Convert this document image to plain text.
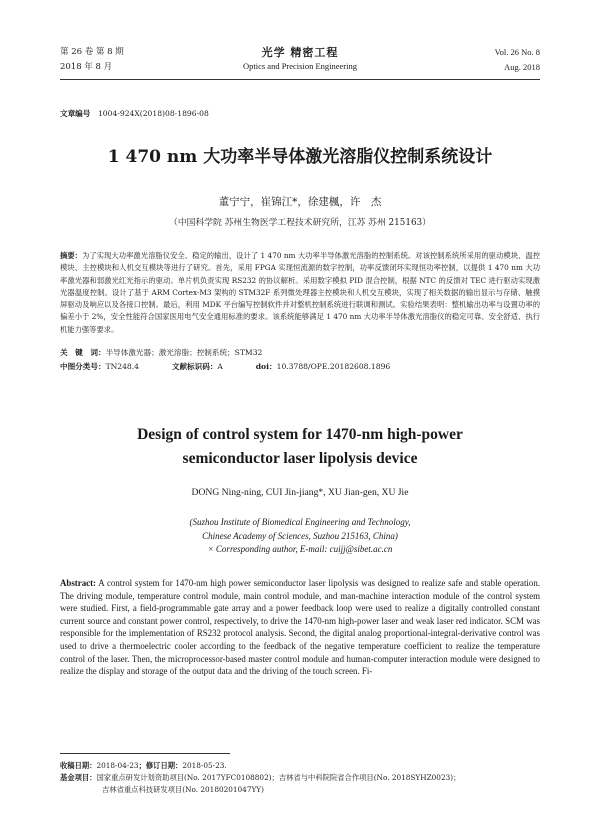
第 26 卷 第 8 期
2018 年 8 月
光学 精密工程
Optics and Precision Engineering
Vol. 26 No. 8
Aug. 2018
文章编号　 1004-924X(2018)08-1896-08
1 470 nm 大功率半导体激光溶脂仪控制系统设计
董宁宁，崔锦江*，徐建楓，许　杰
（中国科学院 苏州生物医学工程技术研究所，江苏 苏州 215163）
摘要：为了实现大功率激光溶脂仪安全、稳定的输出，设计了 1 470 nm 大功率半导体激光溶脂的控制系统。对该控制系统所采用的驱动模块、温控模块、主控模块和人机交互模块等进行了研究。首先，采用 FPGA 实现恒流源的数字控制，功率反馈闭环实现恒功率控制，以提供 1 470 nm 大功率激光器和弱激光红光指示的驱动。单片机负责实现 RS232 的协议解析。采用数字模拟 PID 混合控制，根据 NTC 的反馈对 TEC 进行驱动实现激光器温度控制。设计了基于 ARM Cortex-M3 架构的 STM32F 系列微处理器主控模块和人机交互模块，实现了相关数据的输出显示与存储、触摸屏驱动及响应以及各接口控制。最后，利用 MDK 平台编写控制软件并对整机控制系统进行联调和测试。实验结果表明：整机输出功率与设置功率的偏差小于 2%，安全性能符合国家医用电气安全通用标准的要求。该系统能够满足 1 470 nm 大功率半导体激光溶脂仪的稳定可靠、安全舒适、执行机能力强等要求。
关　键　词：半导体激光器；激光溶脂；控制系统；STM32
中图分类号：TN248.4	文献标识码：A	doi：10.3788/OPE.20182608.1896
Design of control system for 1470-nm high-power
semiconductor laser lipolysis device
DONG Ning-ning, CUI Jin-jiang*, XU Jian-gen, XU Jie
(Suzhou Institute of Biomedical Engineering and Technology,
Chinese Academy of Sciences, Suzhou 215163, China)
× Corresponding author, E-mail: cuijj@sibet.ac.cn
Abstract: A control system for 1470-nm high power semiconductor laser lipolysis was designed to realize safe and stable operation. The driving module, temperature control module, main control module, and man-machine interaction module of the control system were studied. First, a field-programmable gate array and a power feedback loop were used to realize a digitally controlled constant current source and constant power control, respectively, to drive the 1470-nm high-power laser and weak laser red indicator. SCM was responsible for the implementation of RS232 protocol analysis. Second, the digital analog proportional-integral-derivative control was used to drive a thermoelectric cooler according to the feedback of the negative temperature coefficient to realize the temperature control of the laser. Then, the microprocessor-based master control module and human-computer interaction module were designed to realize the display and storage of the output data and the driving of the touch screen. Fi-
收稿日期：2018-04-23；修订日期：2018-05-23.
基金项目：国家重点研发计划资助项目(No. 2017YFC0108802)；吉林省与中科院院省合作项目(No. 2018SYHZ0023)；
吉林省重点科技研发项目(No. 20180201047YY)
